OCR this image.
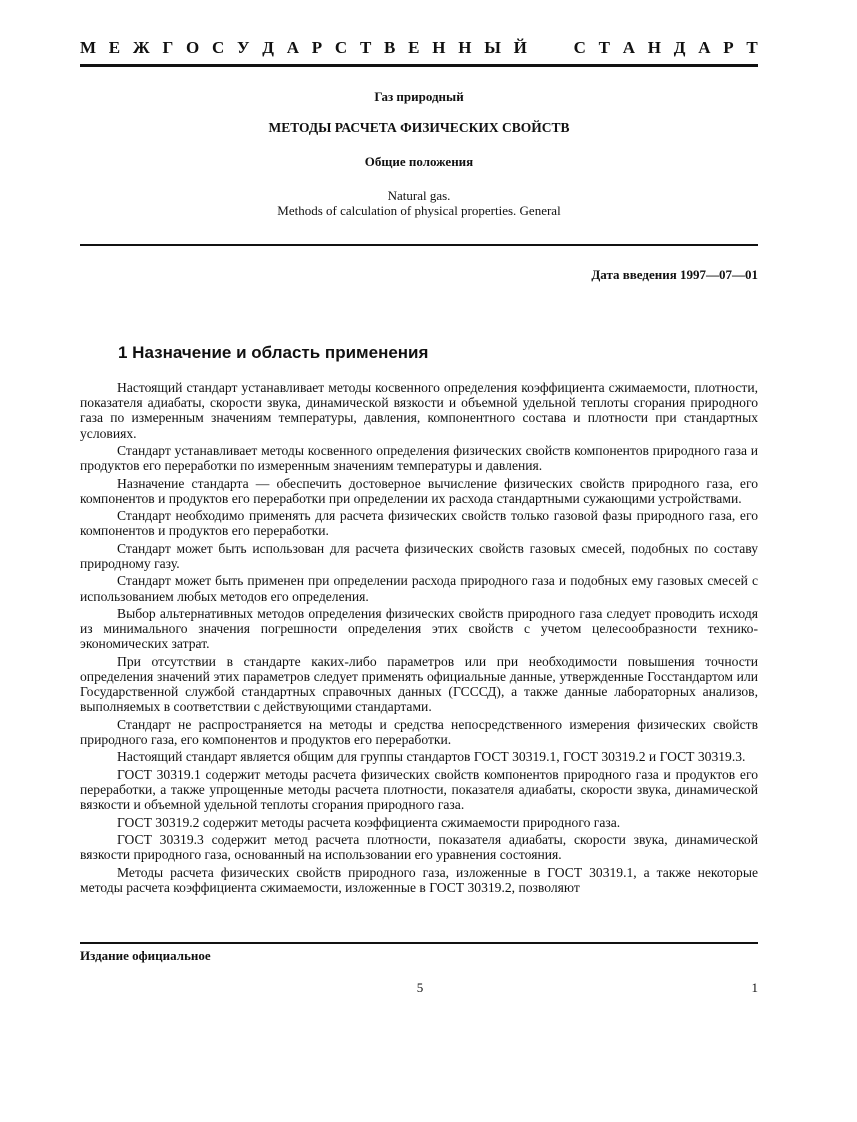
М Е Ж Г О С У Д А Р С Т В Е Н Н Ы Й

	С Т А Н Д А Р Т
Газ природный
МЕТОДЫ РАСЧЕТА ФИЗИЧЕСКИХ СВОЙСТВ
Общие положения
Natural gas.
Methods of calculation of physical properties. General
Дата введения 1997—07—01
1 Назначение и область применения

Настоящий стандарт устанавливает методы косвенного определения коэффициента сжимаемости, плотности, показателя адиабаты, скорости звука, динамической вязкости и объемной удельной теплоты сгорания природного газа по измеренным значениям температуры, давления, компонентного состава и плотности при стандартных условиях.

Стандарт устанавливает методы косвенного определения физических свойств компонентов природного газа и продуктов его переработки по измеренным значениям температуры и давления.

Назначение стандарта — обеспечить достоверное вычисление физических свойств природного газа, его компонентов и продуктов его переработки при определении их расхода стандартными сужающими устройствами.

Стандарт необходимо применять для расчета физических свойств только газовой фазы природного газа, его компонентов и продуктов его переработки.

Стандарт может быть использован для расчета физических свойств газовых смесей, подобных по составу природному газу.

Стандарт может быть применен при определении расхода природного газа и подобных ему газовых смесей с использованием любых методов его определения.

Выбор альтернативных методов определения физических свойств природного газа следует проводить исходя из минимального значения погрешности определения этих свойств с учетом целесообразности технико-экономических затрат.

При отсутствии в стандарте каких-либо параметров или при необходимости повышения точности определения значений этих параметров следует применять официальные данные, утвержденные Госстандартом или Государственной службой стандартных справочных данных (ГСССД), а также данные лабораторных анализов, выполняемых в соответствии с действующими стандартами.

Стандарт не распространяется на методы и средства непосредственного измерения физических свойств природного газа, его компонентов и продуктов его переработки.

Настоящий стандарт является общим для группы стандартов ГОСТ 30319.1, ГОСТ 30319.2 и ГОСТ 30319.3.

ГОСТ 30319.1 содержит методы расчета физических свойств компонентов природного газа и продуктов его переработки, а также упрощенные методы расчета плотности, показателя адиабаты, скорости звука, динамической вязкости и объемной удельной теплоты сгорания природного газа.

ГОСТ 30319.2 содержит методы расчета коэффициента сжимаемости природного газа.

ГОСТ 30319.3 содержит метод расчета плотности, показателя адиабаты, скорости звука, динамической вязкости природного газа, основанный на использовании его уравнения состояния.

Методы расчета физических свойств природного газа, изложенные в ГОСТ 30319.1, а также некоторые методы расчета коэффициента сжимаемости, изложенные в ГОСТ 30319.2, позволяют

Издание официальное
5	1
